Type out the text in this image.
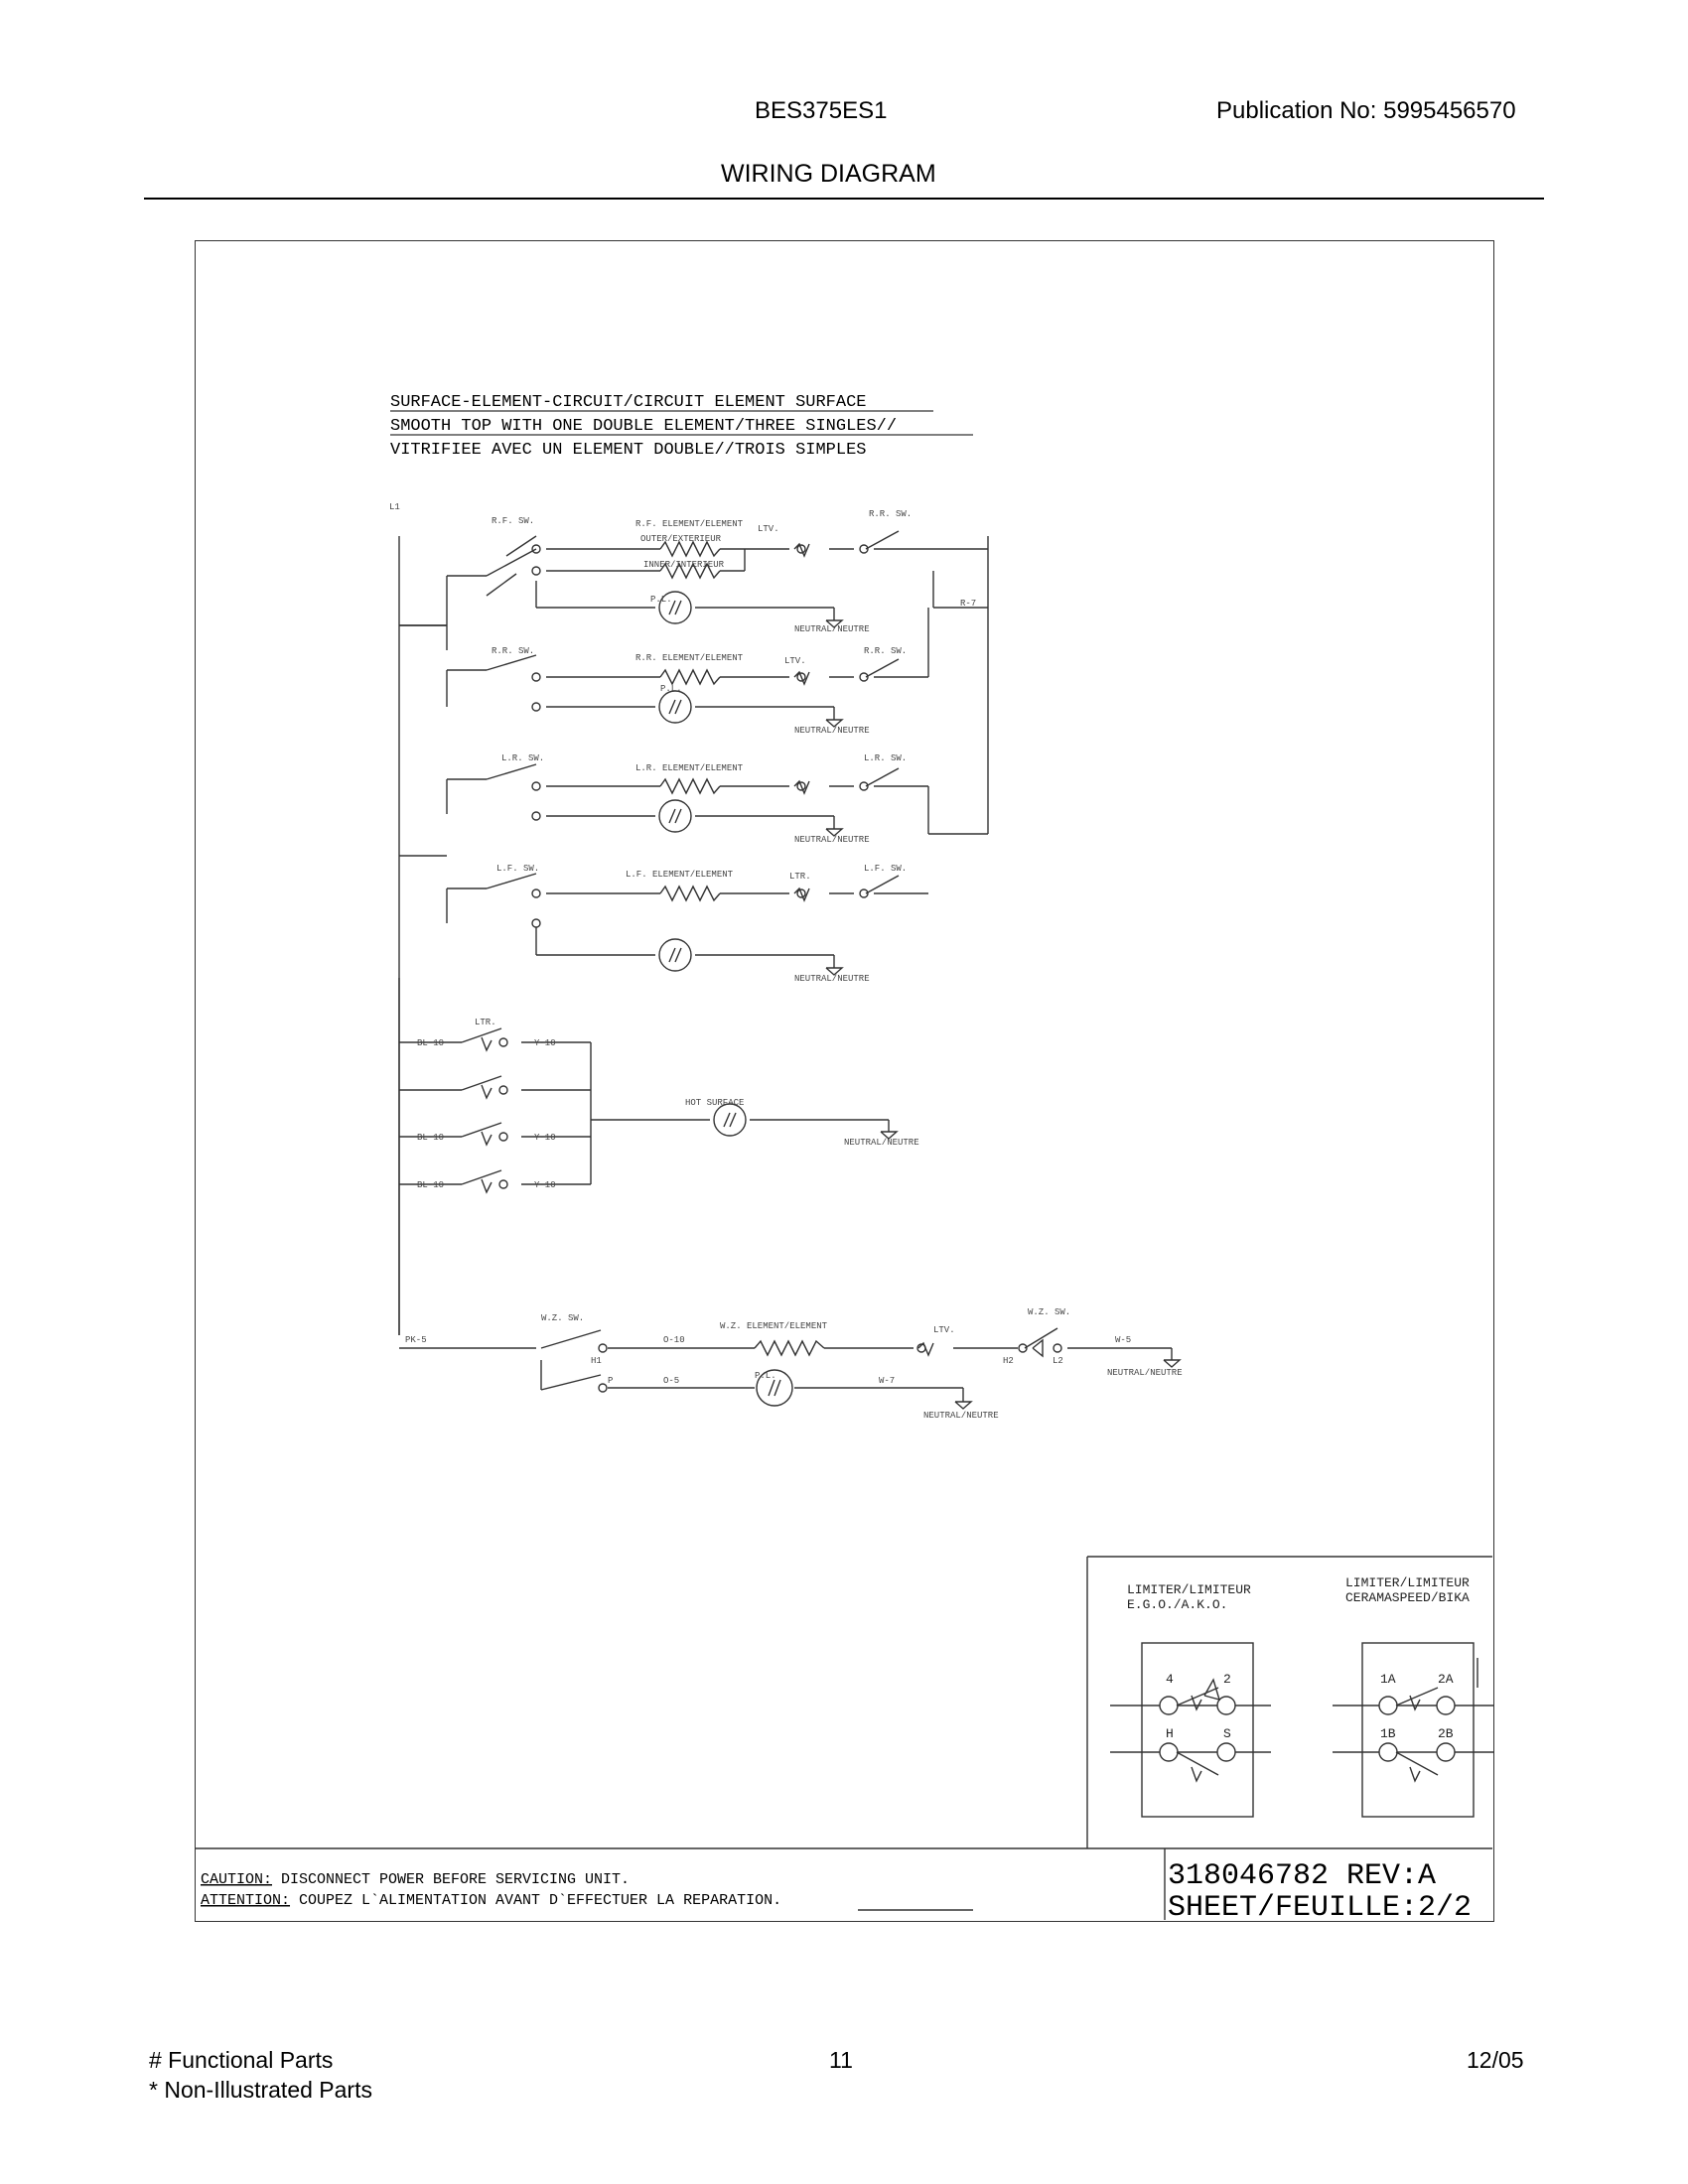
BES375ES1	Publication No: 5995456570
WIRING DIAGRAM
SURFACE-ELEMENT-CIRCUIT/CIRCUIT ELEMENT SURFACE
SMOOTH TOP WITH ONE DOUBLE ELEMENT/THREE SINGLES//
VITRIFIEE AVEC UN ELEMENT DOUBLE//TROIS SIMPLES
L1
R.F. SW.	R.F. ELEMENT/ELEMENT
OUTER/EXTERIEUR
INNER/INTERIEUR
LTV.
R.R. SW.
P.L.
NEUTRAL/NEUTRE
R-7
R.R. SW.
R.R. ELEMENT/ELEMENT	LTV.
R.R. SW.
P.L.
NEUTRAL/NEUTRE
L.R. SW.
L.R. ELEMENT/ELEMENT
L.R. SW.
NEUTRAL/NEUTRE
L.F. SW.
L.F. ELEMENT/ELEMENT	LTR.
L.F. SW.
NEUTRAL/NEUTRE
LTR.
BL-10	Y-10
HOT SURFACE
NEUTRAL/NEUTRE
BL-10	Y-10
BL-10	Y-10
PK-5
W.Z. SW.
W.Z. ELEMENT/ELEMENT	LTV.
W.Z. SW.
O-10
O-5	W-7
W-5
H2	L2
P
H1
P.L.	NEUTRAL/NEUTRE
NEUTRAL/NEUTRE
LIMITER/LIMITEUR
E.G.O./A.K.O.
LIMITER/LIMITEUR
CERAMASPEED/BIKA
4	2
H	S
1A	2A
1B	2B
CAUTION: DISCONNECT POWER BEFORE SERVICING UNIT.
ATTENTION: COUPEZ L`ALIMENTATION AVANT D`EFFECTUER LA REPARATION.
318046782 REV:A
SHEET/FEUILLE:2/2
# Functional Parts
* Non-Illustrated Parts
11	12/05
